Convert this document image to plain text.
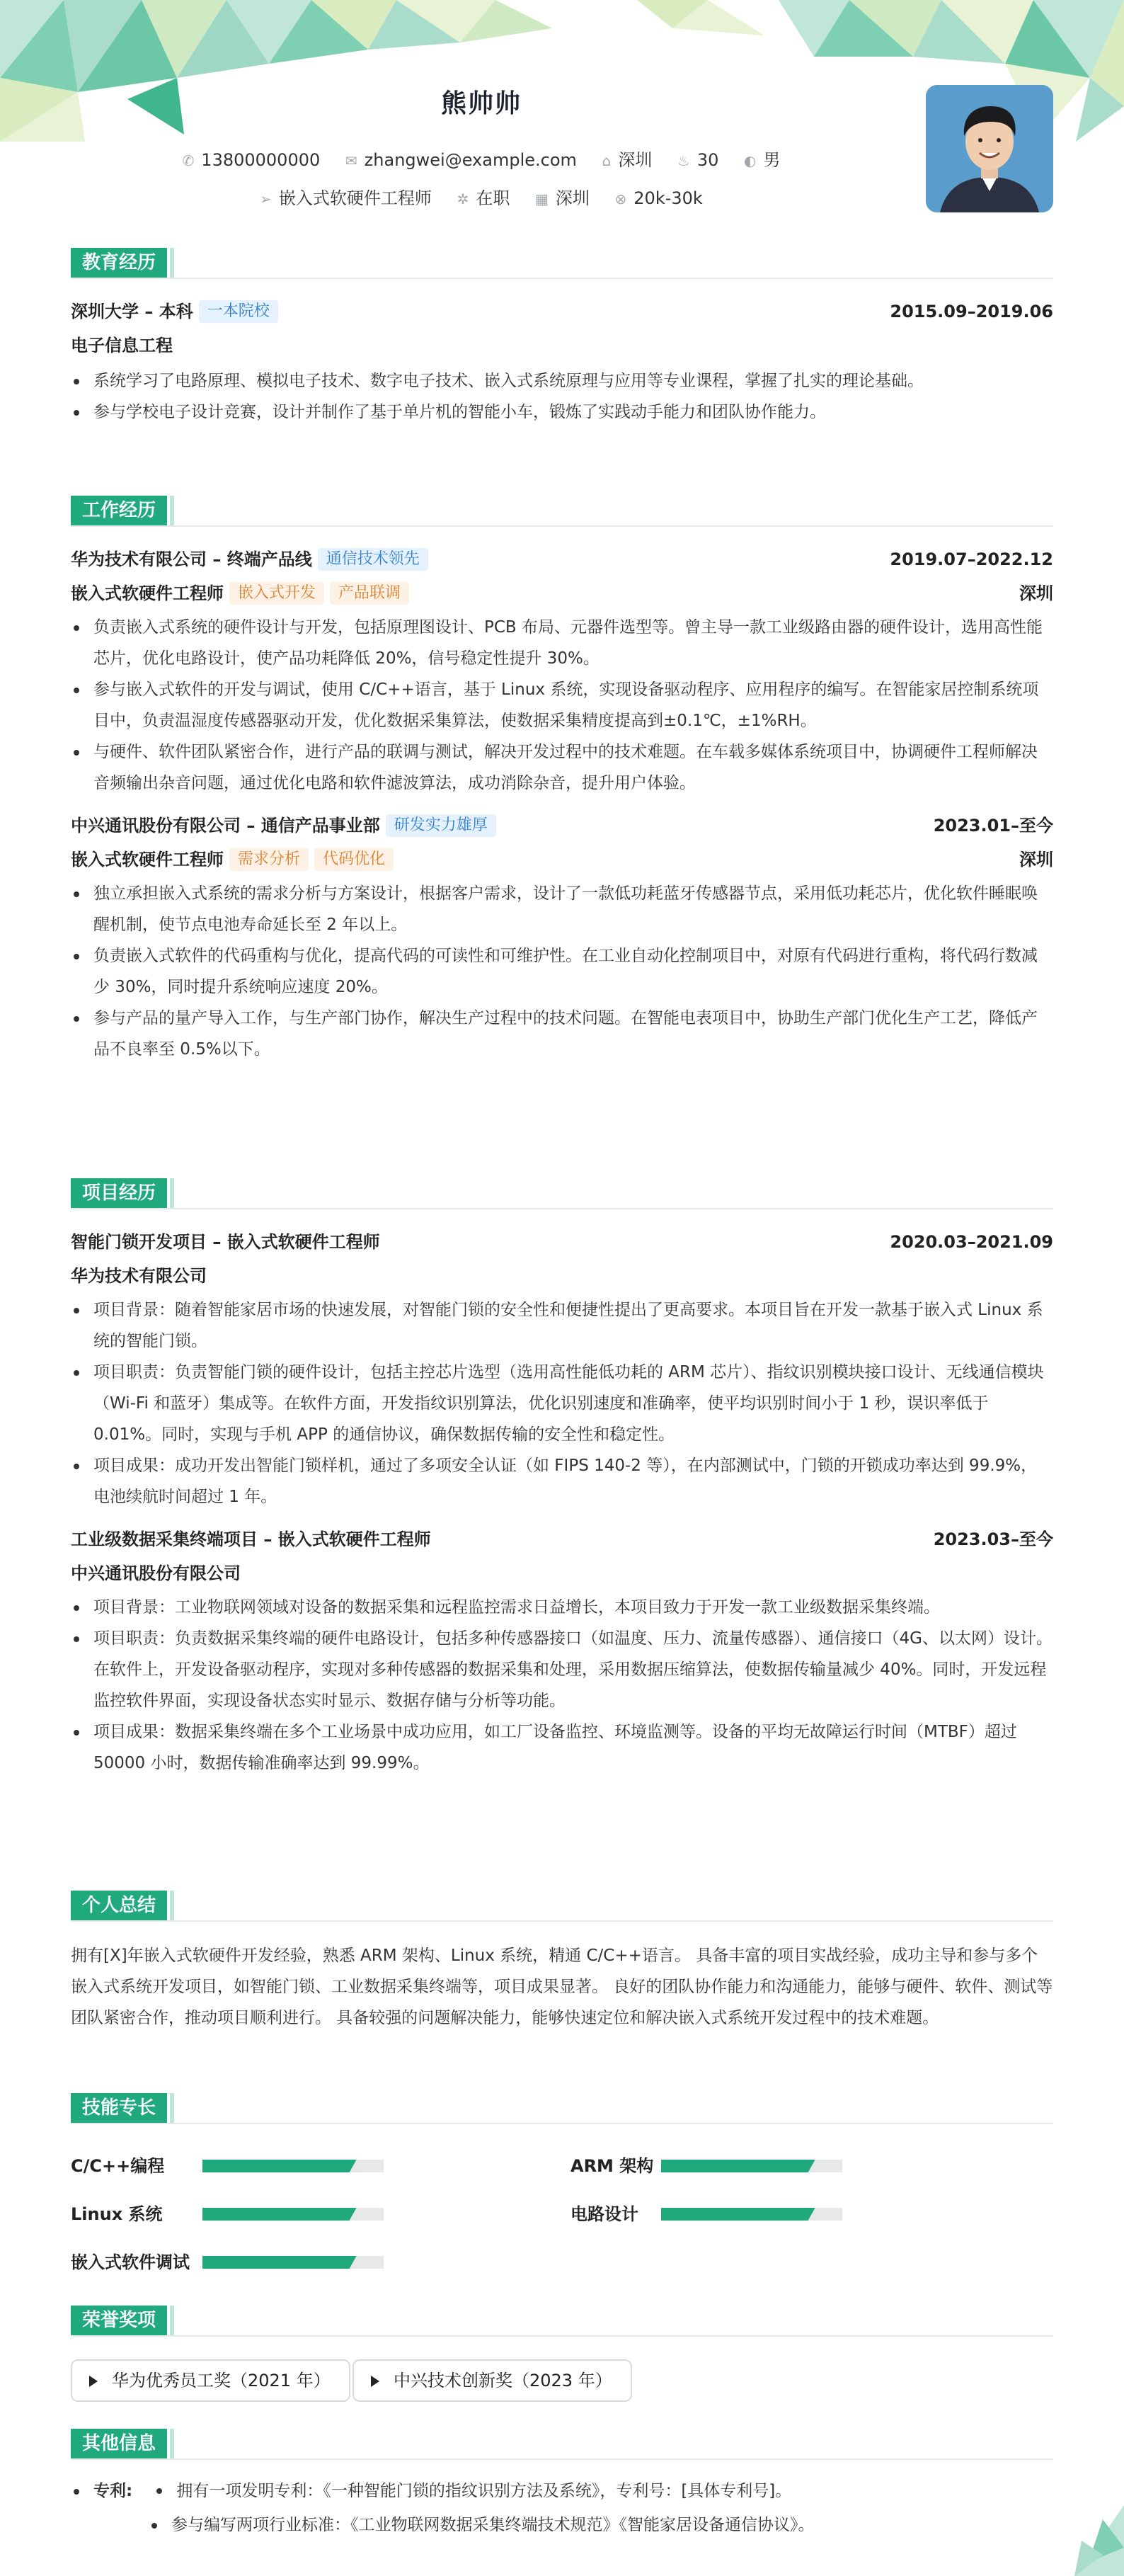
熊帅帅
✆ 13800000000 ✉ zhangwei@example.com ⌂ 深圳 ♨ 30 ◐ 男
➢ 嵌入式软硬件工程师 ✲ 在职 ▦ 深圳 ⊗ 20k-30k
教育经历
深圳大学 – 本科 一本院校	2015.09–2019.06
电子信息工程
系统学习了电路原理、模拟电子技术、数字电子技术、嵌入式系统原理与应用等专业课程，掌握了扎实的理论基础。
参与学校电子设计竞赛，设计并制作了基于单片机的智能小车，锻炼了实践动手能力和团队协作能力。
工作经历
华为技术有限公司 – 终端产品线 通信技术领先	2019.07–2022.12
嵌入式软硬件工程师 嵌入式开发 产品联调	深圳
负责嵌入式系统的硬件设计与开发，包括原理图设计、PCB 布局、元器件选型等。曾主导一款工业级路由器的硬件设计，选用高性能芯片，优化电路设计，使产品功耗降低 20%，信号稳定性提升 30%。
参与嵌入式软件的开发与调试，使用 C/C++语言，基于 Linux 系统，实现设备驱动程序、应用程序的编写。在智能家居控制系统项目中，负责温湿度传感器驱动开发，优化数据采集算法，使数据采集精度提高到±0.1℃，±1%RH。
与硬件、软件团队紧密合作，进行产品的联调与测试，解决开发过程中的技术难题。在车载多媒体系统项目中，协调硬件工程师解决音频输出杂音问题，通过优化电路和软件滤波算法，成功消除杂音，提升用户体验。
中兴通讯股份有限公司 – 通信产品事业部 研发实力雄厚	2023.01–至今
嵌入式软硬件工程师 需求分析 代码优化	深圳
独立承担嵌入式系统的需求分析与方案设计，根据客户需求，设计了一款低功耗蓝牙传感器节点，采用低功耗芯片，优化软件睡眠唤醒机制，使节点电池寿命延长至 2 年以上。
负责嵌入式软件的代码重构与优化，提高代码的可读性和可维护性。在工业自动化控制项目中，对原有代码进行重构，将代码行数减少 30%，同时提升系统响应速度 20%。
参与产品的量产导入工作，与生产部门协作，解决生产过程中的技术问题。在智能电表项目中，协助生产部门优化生产工艺，降低产品不良率至 0.5%以下。
项目经历
智能门锁开发项目 – 嵌入式软硬件工程师	2020.03–2021.09
华为技术有限公司
项目背景：随着智能家居市场的快速发展，对智能门锁的安全性和便捷性提出了更高要求。本项目旨在开发一款基于嵌入式 Linux 系统的智能门锁。
项目职责：负责智能门锁的硬件设计，包括主控芯片选型（选用高性能低功耗的 ARM 芯片）、指纹识别模块接口设计、无线通信模块（Wi-Fi 和蓝牙）集成等。在软件方面，开发指纹识别算法，优化识别速度和准确率，使平均识别时间小于 1 秒，误识率低于 0.01%。同时，实现与手机 APP 的通信协议，确保数据传输的安全性和稳定性。
项目成果：成功开发出智能门锁样机，通过了多项安全认证（如 FIPS 140-2 等），在内部测试中，门锁的开锁成功率达到 99.9%，电池续航时间超过 1 年。
工业级数据采集终端项目 – 嵌入式软硬件工程师	2023.03–至今
中兴通讯股份有限公司
项目背景：工业物联网领域对设备的数据采集和远程监控需求日益增长，本项目致力于开发一款工业级数据采集终端。
项目职责：负责数据采集终端的硬件电路设计，包括多种传感器接口（如温度、压力、流量传感器）、通信接口（4G、以太网）设计。在软件上，开发设备驱动程序，实现对多种传感器的数据采集和处理，采用数据压缩算法，使数据传输量减少 40%。同时，开发远程监控软件界面，实现设备状态实时显示、数据存储与分析等功能。
项目成果：数据采集终端在多个工业场景中成功应用，如工厂设备监控、环境监测等。设备的平均无故障运行时间（MTBF）超过 50000 小时，数据传输准确率达到 99.99%。
个人总结
拥有[X]年嵌入式软硬件开发经验，熟悉 ARM 架构、Linux 系统，精通 C/C++语言。 具备丰富的项目实战经验，成功主导和参与多个嵌入式系统开发项目，如智能门锁、工业数据采集终端等，项目成果显著。 良好的团队协作能力和沟通能力，能够与硬件、软件、测试等团队紧密合作，推动项目顺利进行。 具备较强的问题解决能力，能够快速定位和解决嵌入式系统开发过程中的技术难题。
技能专长
C/C++编程	ARM 架构
Linux 系统	电路设计
嵌入式软件调试
荣誉奖项
华为优秀员工奖（2021 年）	中兴技术创新奖（2023 年）
其他信息
专利:	拥有一项发明专利：《一种智能门锁的指纹识别方法及系统》，专利号：[具体专利号]。
参与编写两项行业标准：《工业物联网数据采集终端技术规范》《智能家居设备通信协议》。
